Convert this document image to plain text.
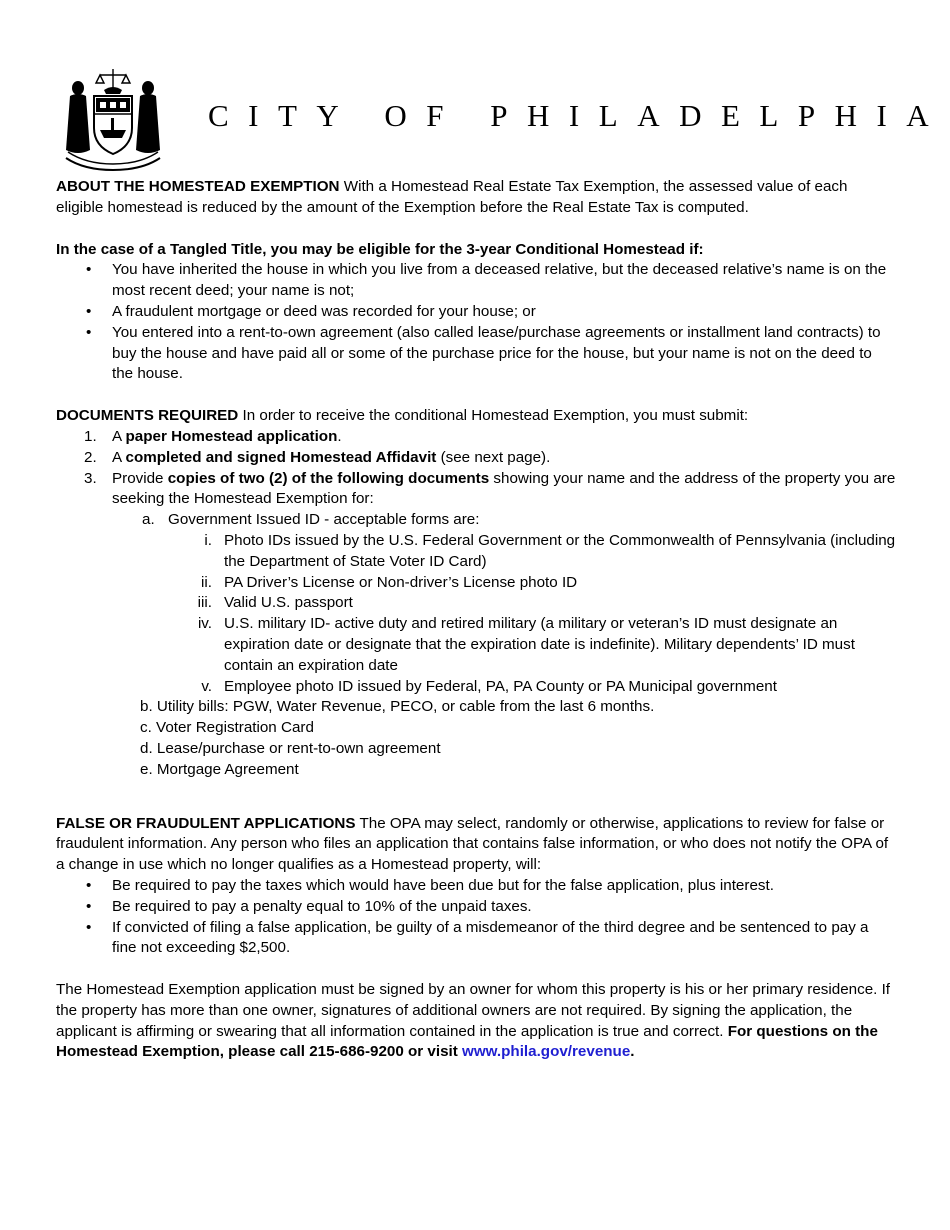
CITY OF PHILADELPHIA

ABOUT THE HOMESTEAD EXEMPTION With a Homestead Real Estate Tax Exemption, the assessed value of each eligible homestead is reduced by the amount of the Exemption before the Real Estate Tax is computed.

In the case of a Tangled Title, you may be eligible for the 3-year Conditional Homestead if:

• You have inherited the house in which you live from a deceased relative, but the deceased relative’s name is on the most recent deed; your name is not;
• A fraudulent mortgage or deed was recorded for your house; or
• You entered into a rent-to-own agreement (also called lease/purchase agreements or installment land contracts) to buy the house and have paid all or some of the purchase price for the house, but your name is not on the deed to the house.

DOCUMENTS REQUIRED In order to receive the conditional Homestead Exemption, you must submit:

1. A paper Homestead application.
2. A completed and signed Homestead Affidavit (see next page).
3. Provide copies of two (2) of the following documents showing your name and the address of the property you are seeking the Homestead Exemption for:
a. Government Issued ID - acceptable forms are:
i. Photo IDs issued by the U.S. Federal Government or the Commonwealth of Pennsylvania (including the Department of State Voter ID Card)
ii. PA Driver’s License or Non-driver’s License photo ID
iii. Valid U.S. passport
iv. U.S. military ID- active duty and retired military (a military or veteran’s ID must designate an expiration date or designate that the expiration date is indefinite). Military dependents’ ID must contain an expiration date
v. Employee photo ID issued by Federal, PA, PA County or PA Municipal government
b. Utility bills: PGW, Water Revenue, PECO, or cable from the last 6 months.
c. Voter Registration Card
d. Lease/purchase or rent-to-own agreement
e. Mortgage Agreement

FALSE OR FRAUDULENT APPLICATIONS The OPA may select, randomly or otherwise, applications to review for false or fraudulent information. Any person who files an application that contains false information, or who does not notify the OPA of a change in use which no longer qualifies as a Homestead property, will:

• Be required to pay the taxes which would have been due but for the false application, plus interest.
• Be required to pay a penalty equal to 10% of the unpaid taxes.
• If convicted of filing a false application, be guilty of a misdemeanor of the third degree and be sentenced to pay a fine not exceeding $2,500.

The Homestead Exemption application must be signed by an owner for whom this property is his or her primary residence. If the property has more than one owner, signatures of additional owners are not required. By signing the application, the applicant is affirming or swearing that all information contained in the application is true and correct. For questions on the Homestead Exemption, please call 215-686-9200 or visit www.phila.gov/revenue.
